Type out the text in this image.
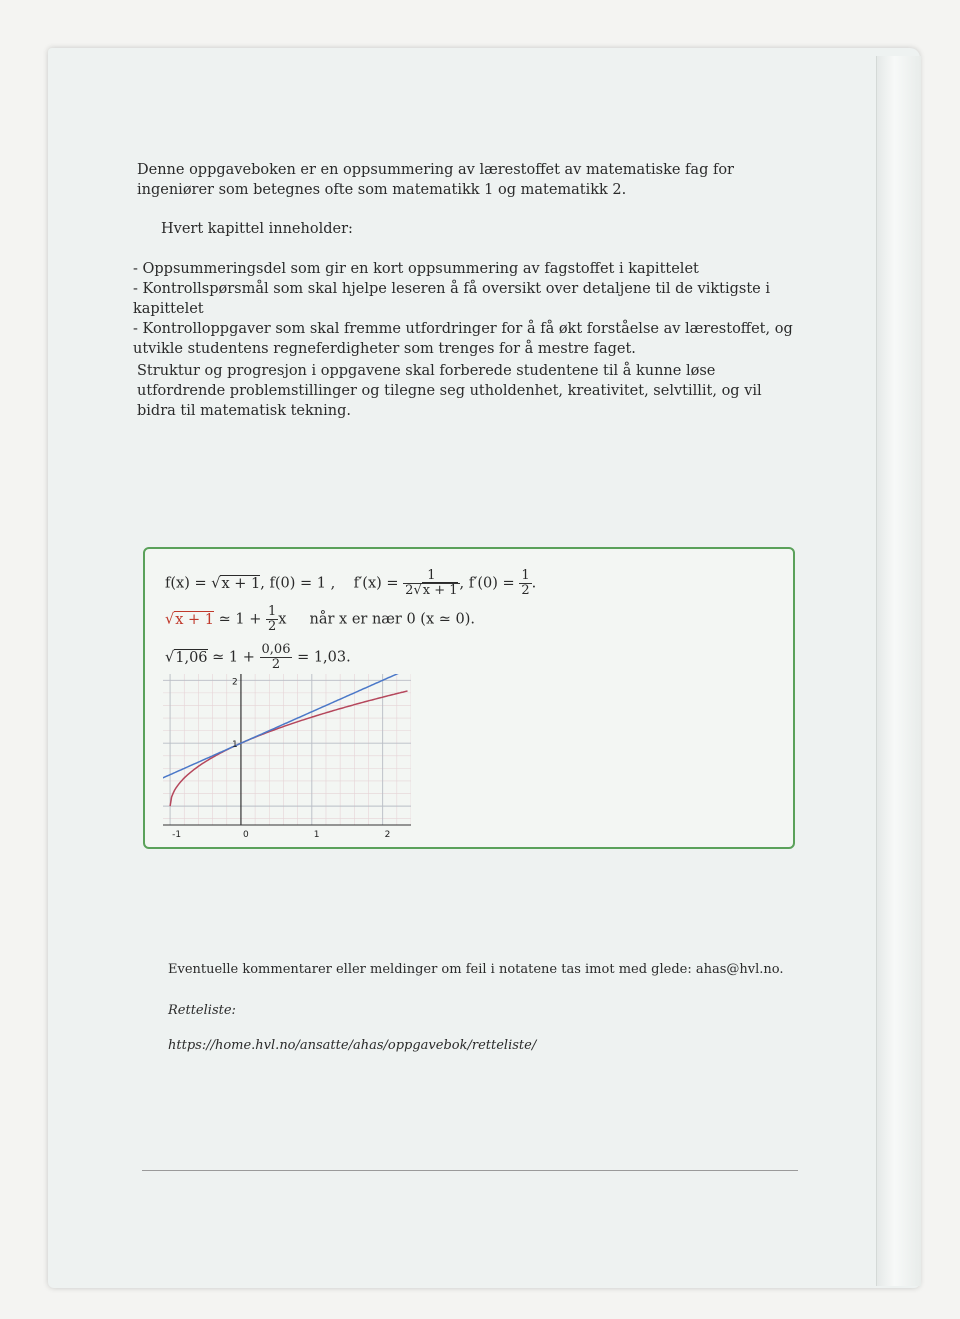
Denne oppgaveboken er en oppsummering av lærestoffet av matematiske fag for ingeniører som betegnes ofte som matematikk 1 og matematikk 2.
Hvert kapittel inneholder:
- Oppsummeringsdel som gir en kort oppsummering av fagstoffet i kapittelet
- Kontrollspørsmål som skal hjelpe leseren å få oversikt over detaljene til de viktigste i kapittelet
- Kontrolloppgaver som skal fremme utfordringer for å få økt forståelse av lærestoffet, og utvikle studentens regneferdigheter som trenges for å mestre faget.
Struktur og progresjon i oppgavene skal forberede studentene til å kunne løse utfordrende problemstillinger og tilegne seg utholdenhet, kreativitet, selvtillit, og vil bidra til matematisk tekning.
f(x) = √x + 1, f(0) = 1 , $f'(x) = \frac{1}{2√x + 1}$ , $f'(0) = \frac{1}{2}$ .
√x + 1 ≃ $1 + \frac{1}{2}$ x når x er nær 0 (x ≃ 0).
√1,06 ≃ $1 + \frac{0,06}{2} = 1,03$.
-1	0	1	2
2
1
Eventuelle kommentarer eller meldinger om feil i notatene tas imot med glede: ahas@hvl.no.
Retteliste:
https://home.hvl.no/ansatte/ahas/oppgavebok/retteliste/
